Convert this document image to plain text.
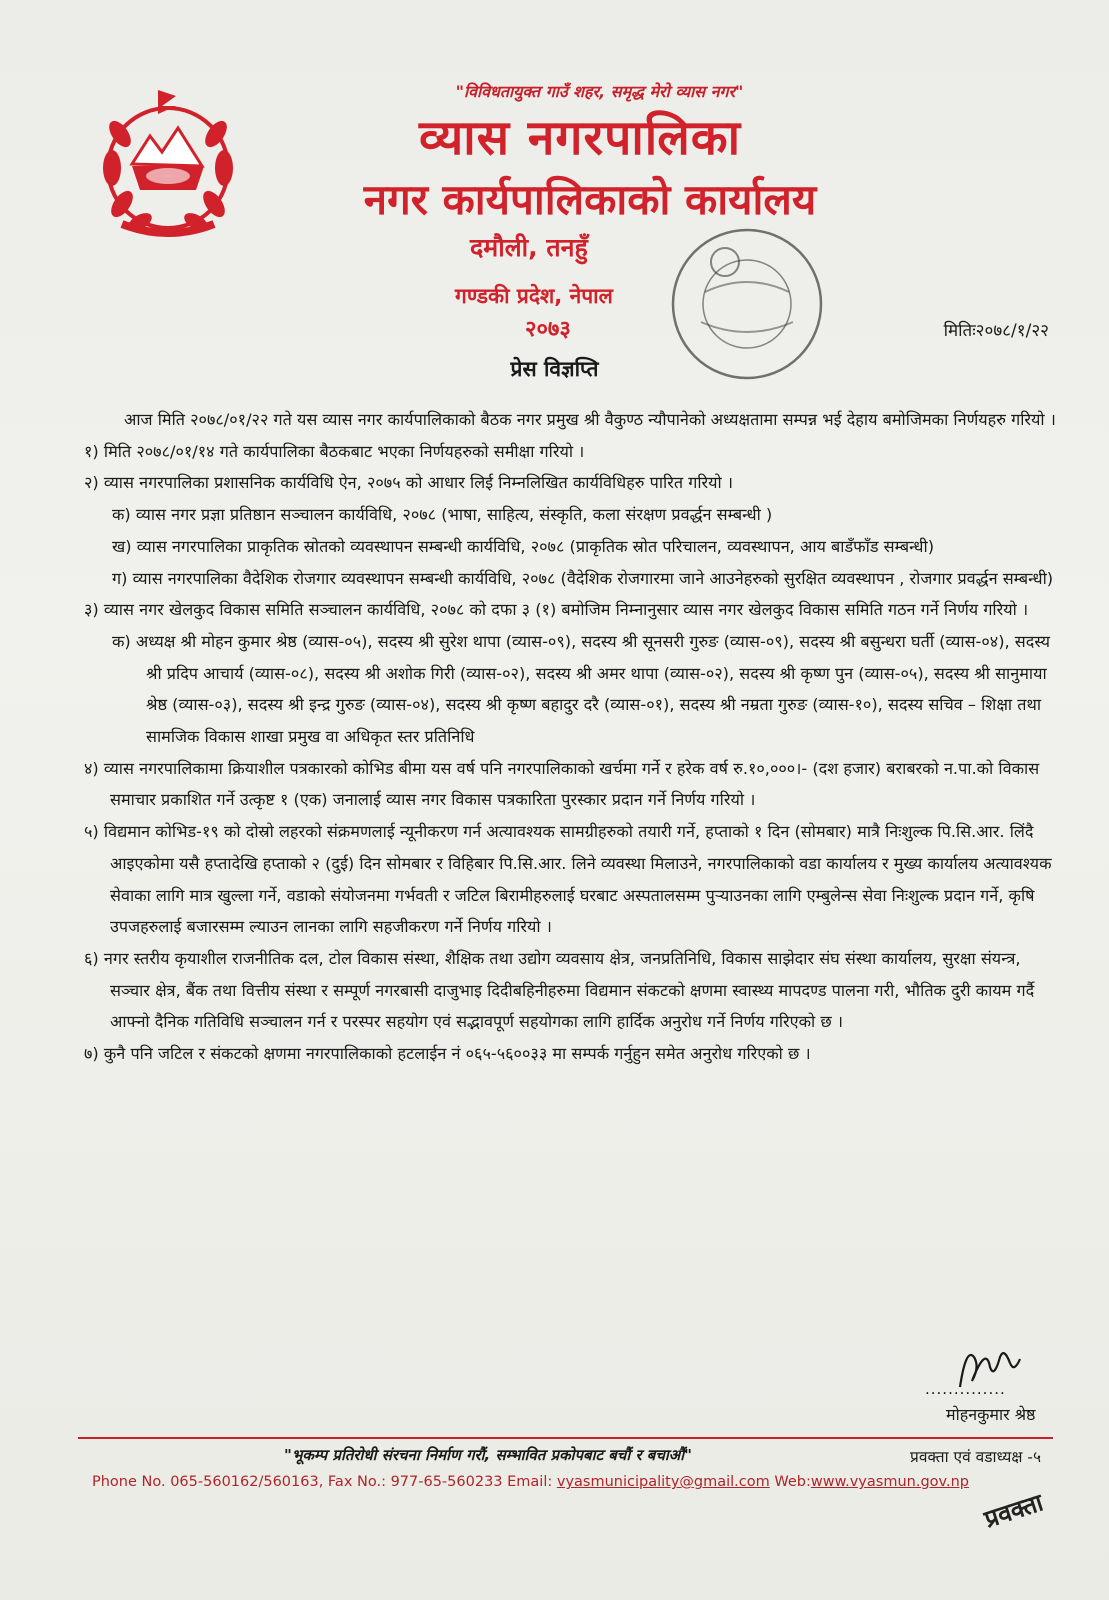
"विविधतायुक्त गाउँ शहर, समृद्ध मेरो व्यास नगर"
व्यास नगरपालिका
नगर कार्यपालिकाको कार्यालय
दमौली, तनहुँ
गण्डकी प्रदेश, नेपाल
२०७३	मितिः२०७८/१/२२
प्रेस विज्ञप्ति

आज मिति २०७८/०१/२२ गते यस व्यास नगर कार्यपालिकाको बैठक नगर प्रमुख श्री वैकुण्ठ न्यौपानेको अध्यक्षतामा सम्पन्न भई देहाय बमोजिमका निर्णयहरु गरियो ।

१) मिति २०७८/०१/१४ गते कार्यपालिका बैठकबाट भएका निर्णयहरुको समीक्षा गरियो ।

२) व्यास नगरपालिका प्रशासनिक कार्यविधि ऐन, २०७५ को आधार लिई निम्नलिखित कार्यविधिहरु पारित गरियो ।

क) व्यास नगर प्रज्ञा प्रतिष्ठान सञ्चालन कार्यविधि, २०७८ (भाषा, साहित्य, संस्कृति, कला संरक्षण प्रवर्द्धन सम्बन्धी )

ख) व्यास नगरपालिका प्राकृतिक स्रोतको व्यवस्थापन सम्बन्धी कार्यविधि, २०७८ (प्राकृतिक स्रोत परिचालन, व्यवस्थापन, आय बाडँफाँड सम्बन्धी)

ग) व्यास नगरपालिका वैदेशिक रोजगार व्यवस्थापन सम्बन्धी कार्यविधि, २०७८ (वैदेशिक रोजगारमा जाने आउनेहरुको सुरक्षित व्यवस्थापन , रोजगार प्रवर्द्धन सम्बन्धी)

३) व्यास नगर खेलकुद विकास समिति सञ्चालन कार्यविधि, २०७८ को दफा ३ (१) बमोजिम निम्नानुसार व्यास नगर खेलकुद विकास समिति गठन गर्ने निर्णय गरियो ।

क) अध्यक्ष श्री मोहन कुमार श्रेष्ठ (व्यास-०५), सदस्य श्री सुरेश थापा (व्यास-०९), सदस्य श्री सूनसरी गुरुङ (व्यास-०९), सदस्य श्री बसुन्धरा घर्ती (व्यास-०४), सदस्य श्री प्रदिप आचार्य (व्यास-०८), सदस्य श्री अशोक गिरी (व्यास-०२), सदस्य श्री अमर थापा (व्यास-०२), सदस्य श्री कृष्ण पुन (व्यास-०५), सदस्य श्री सानुमाया श्रेष्ठ (व्यास-०३), सदस्य श्री इन्द्र गुरुङ (व्यास-०४), सदस्य श्री कृष्ण बहादुर दरै (व्यास-०१), सदस्य श्री नम्रता गुरुङ (व्यास-१०), सदस्य सचिव – शिक्षा तथा सामजिक विकास शाखा प्रमुख वा अधिकृत स्तर प्रतिनिधि

४) व्यास नगरपालिकामा क्रियाशील पत्रकारको कोभिड बीमा यस वर्ष पनि नगरपालिकाको खर्चमा गर्ने र हरेक वर्ष रु.१०,०००।- (दश हजार) बराबरको न.पा.को विकास समाचार प्रकाशित गर्ने उत्कृष्ट १ (एक) जनालाई व्यास नगर विकास पत्रकारिता पुरस्कार प्रदान गर्ने निर्णय गरियो ।

५) विद्यमान कोभिड-१९ को दोस्रो लहरको संक्रमणलाई न्यूनीकरण गर्न अत्यावश्यक सामग्रीहरुको तयारी गर्ने, हप्ताको १ दिन (सोमबार) मात्रै निःशुल्क पि.सि.आर. लिंदै आइएकोमा यसै हप्तादेखि हप्ताको २ (दुई) दिन सोमबार र विहिबार पि.सि.आर. लिने व्यवस्था मिलाउने, नगरपालिकाको वडा कार्यालय र मुख्य कार्यालय अत्यावश्यक सेवाका लागि मात्र खुल्ला गर्ने, वडाको संयोजनमा गर्भवती र जटिल बिरामीहरुलाई घरबाट अस्पतालसम्म पुर्‍याउनका लागि एम्बुलेन्स सेवा निःशुल्क प्रदान गर्ने, कृषि उपजहरुलाई बजारसम्म ल्याउन लानका लागि सहजीकरण गर्ने निर्णय गरियो ।

६) नगर स्तरीय कृयाशील राजनीतिक दल, टोल विकास संस्था, शैक्षिक तथा उद्योग व्यवसाय क्षेत्र, जनप्रतिनिधि, विकास साझेदार संघ संस्था कार्यालय, सुरक्षा संयन्त्र, सञ्चार क्षेत्र, बैंक तथा वित्तीय संस्था र सम्पूर्ण नगरबासी दाजुभाइ दिदीबहिनीहरुमा विद्यमान संकटको क्षणमा स्वास्थ्य मापदण्ड पालना गरी, भौतिक दुरी कायम गर्दै आफ्नो दैनिक गतिविधि सञ्चालन गर्न र परस्पर सहयोग एवं सद्भावपूर्ण सहयोगका लागि हार्दिक अनुरोध गर्ने निर्णय गरिएको छ ।

७) कुनै पनि जटिल र संकटको क्षणमा नगरपालिकाको हटलाईन नं ०६५-५६००३३ मा सम्पर्क गर्नुहुन समेत अनुरोध गरिएको छ ।

..............
मोहनकुमार श्रेष्ठ
"भूकम्प प्रतिरोधी संरचना निर्माण गरौं, सम्भावित प्रकोपबाट बचौं र बचाऔं"	प्रवक्ता एवं वडाध्यक्ष -५
Phone No. 065-560162/560163, Fax No.: 977-65-560233 Email: vyasmunicipality@gmail.com Web:www.vyasmun.gov.np
प्रवक्ता
